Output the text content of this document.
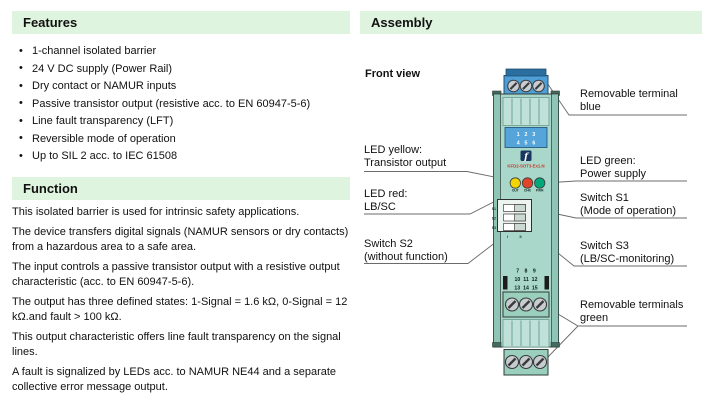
Features
• 1-channel isolated barrier
• 24 V DC supply (Power Rail)
• Dry contact or NAMUR inputs
• Passive transistor output (resistive acc. to EN 60947-5-6)
• Line fault transparency (LFT)
• Reversible mode of operation
• Up to SIL 2 acc. to IEC 61508
Function

This isolated barrier is used for intrinsic safety applications.

The device transfers digital signals (NAMUR sensors or dry contacts) from a hazardous area to a safe area.

The input controls a passive transistor output with a resistive output characteristic (acc. to EN 60947-5-6).

The output has three defined states: 1-Signal = 1.6 kΩ, 0-Signal = 12 kΩ.and fault > 100 kΩ.

This output characteristic offers line fault transparency on the signal lines.

A fault is signalized by LEDs acc. to NAMUR NE44 and a separate collective error message output.

Assembly
Front view
1 2 3
4 5 6
f
KFD2-SOT3-Ex1.N
OUT CHK PWR
S1
S2
S3
I	II
7 8 9
10 11 12
13 14 15
Removable terminal
blue
LED yellow:
Transistor output
LED red:
LB/SC
Switch S2
(without function)
LED green:
Power supply
Switch S1
(Mode of operation)
Switch S3
(LB/SC-monitoring)
Removable terminals
green
